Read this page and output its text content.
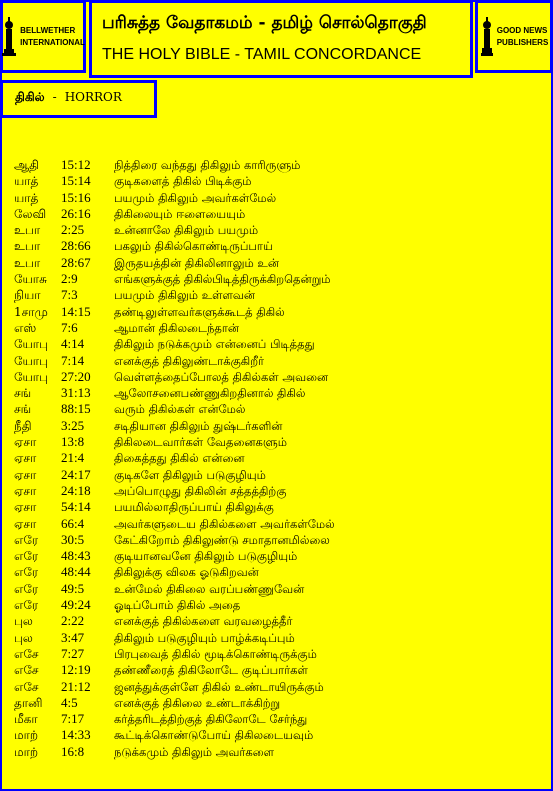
BELLWETHER
INTERNATIONAL
பரிசுத்த வேதாகமம் - தமிழ் சொல்தொகுதி
THE HOLY BIBLE - TAMIL CONCORDANCE
GOOD NEWS
PUBLISHERS
திகில் - HORROR
ஆதி 15:12 நித்திரை வந்தது திகிலும் காரிருளும்
யாத் 15:14 குடிகளைத் திகில் பிடிக்கும்
யாத் 15:16 பயமும் திகிலும் அவர்கள்மேல்
லேவி 26:16 திகிலையும் ஈளையையும்
உபா 2:25	உன்னாலே திகிலும் பயமும்
உபா 28:66 பகலும் திகில்கொண்டிருப்பாய்
உபா 28:67 இருதயத்தின் திகிலினாலும் உன்
யோசு 2:9	எங்களுக்குத் திகில்பிடித்திருக்கிறதென்றும்
நியா 7:3	பயமும் திகிலும் உள்ளவன்
1சாமு 14:15 தண்டிலுள்ளவர்களுக்கூடத் திகில்
எஸ் 7:6	ஆமான் திகிலடைந்தான்
யோபு 4:14	திகிலும் நடுக்கமும் என்னைப் பிடித்தது
யோபு 7:14	எனக்குத் திகிலுண்டாக்குகிறீர்
யோபு 27:20 வெள்ளத்தைப்போலத் திகில்கள் அவனை
சங் 31:13 ஆலோசனைபண்ணுகிறதினால் திகில்
சங் 88:15 வரும் திகில்கள் என்மேல்
நீதி 3:25	சடிதியான திகிலும் துஷ்டர்களின்
ஏசா 13:8	திகிலடைவார்கள் வேதனைகளும்
ஏசா 21:4	திகைத்தது திகில் என்னை
ஏசா 24:17 குடிகளே திகிலும் படுகுழியும்
ஏசா 24:18 அப்பொழுது திகிலின் சத்தத்திற்கு
ஏசா 54:14 பயமில்லாதிருப்பாய் திகிலுக்கு
ஏசா 66:4	அவர்களுடைய திகில்களை அவர்கள்மேல்
எரே 30:5	கேட்கிறோம் திகிலுண்டு சமாதானமில்லை
எரே 48:43 குடியானவனே திகிலும் படுகுழியும்
எரே 48:44 திகிலுக்கு விலக ஓடுகிறவன்
எரே 49:5	உன்மேல் திகிலை வரப்பண்ணுவேன்
எரே 49:24 ஓடிப்போம் திகில் அதை
புல 2:22	எனக்குத் திகில்களை வரவழைத்தீர்
புல 3:47	திகிலும் படுகுழியும் பாழ்க்கடிப்பும்
எசே 7:27	பிரபுவைத் திகில் மூடிக்கொண்டிருக்கும்
எசே 12:19 தண்ணீரைத் திகிலோடே குடிப்பார்கள்
எசே 21:12 ஜனத்துக்குள்ளே திகில் உண்டாயிருக்கும்
தானி 4:5	எனக்குத் திகிலை உண்டாக்கிற்று
மீகா 7:17	கர்த்தரிடத்திற்குத் திகிலோடே சேர்ந்து
மாற் 14:33 கூட்டிக்கொண்டுபோய் திகிலடையவும்
மாற் 16:8	நடுக்கமும் திகிலும் அவர்களை
